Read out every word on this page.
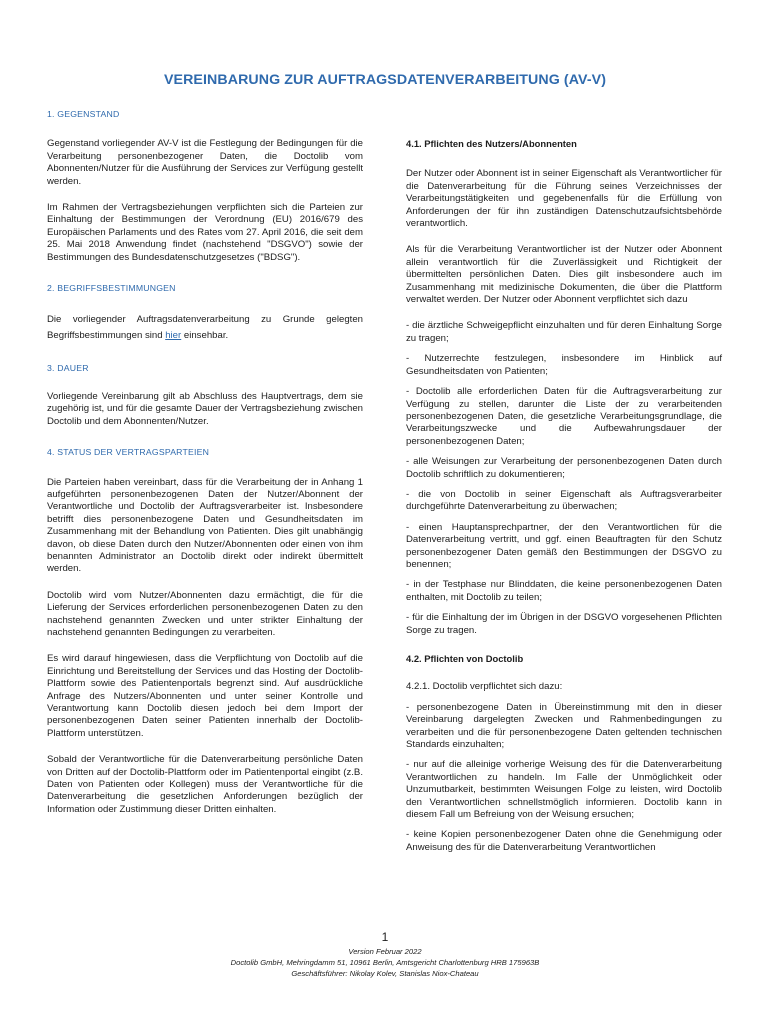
VEREINBARUNG ZUR AUFTRAGSDATENVERARBEITUNG (AV-V)

1. GEGENSTAND

Gegenstand vorliegender AV-V ist die Festlegung der Bedingungen für die Verarbeitung personenbezogener Daten, die Doctolib vom Abonnenten/Nutzer für die Ausführung der Services zur Verfügung gestellt werden.

Im Rahmen der Vertragsbeziehungen verpflichten sich die Parteien zur Einhaltung der Bestimmungen der Verordnung (EU) 2016/679 des Europäischen Parlaments und des Rates vom 27. April 2016, die seit dem 25. Mai 2018 Anwendung findet (nachstehend "DSGVO") sowie der Bestimmungen des Bundesdatenschutzgesetzes ("BDSG").

2. BEGRIFFSBESTIMMUNGEN

Die vorliegender Auftragsdatenverarbeitung zu Grunde gelegten Begriffsbestimmungen sind hier einsehbar.

3. DAUER

Vorliegende Vereinbarung gilt ab Abschluss des Hauptvertrags, dem sie zugehörig ist, und für die gesamte Dauer der Vertragsbeziehung zwischen Doctolib und dem Abonnenten/Nutzer.

4. STATUS DER VERTRAGSPARTEIEN

Die Parteien haben vereinbart, dass für die Verarbeitung der in Anhang 1 aufgeführten personenbezogenen Daten der Nutzer/Abonnent der Verantwortliche und Doctolib der Auftragsverarbeiter ist. Insbesondere betrifft dies personenbezogene Daten und Gesundheitsdaten im Zusammenhang mit der Behandlung von Patienten. Dies gilt unabhängig davon, ob diese Daten durch den Nutzer/Abonnenten oder einen von ihm benannten Administrator an Doctolib direkt oder indirekt übermittelt werden.

Doctolib wird vom Nutzer/Abonnenten dazu ermächtigt, die für die Lieferung der Services erforderlichen personenbezogenen Daten zu den nachstehend genannten Zwecken und unter strikter Einhaltung der nachstehend genannten Bedingungen zu verarbeiten.

Es wird darauf hingewiesen, dass die Verpflichtung von Doctolib auf die Einrichtung und Bereitstellung der Services und das Hosting der Doctolib-Plattform sowie des Patientenportals begrenzt sind. Auf ausdrückliche Anfrage des Nutzers/Abonnenten und unter seiner Kontrolle und Verantwortung kann Doctolib diesen jedoch bei dem Import der personenbezogenen Daten seiner Patienten innerhalb der Doctolib-Plattform unterstützen.

Sobald der Verantwortliche für die Datenverarbeitung persönliche Daten von Dritten auf der Doctolib-Plattform oder im Patientenportal eingibt (z.B. Daten von Patienten oder Kollegen) muss der Verantwortliche für die Datenverarbeitung die gesetzlichen Anforderungen bezüglich der Information oder Zustimmung dieser Dritten einhalten.

4.1. Pflichten des Nutzers/Abonnenten

Der Nutzer oder Abonnent ist in seiner Eigenschaft als Verantwortlicher für die Datenverarbeitung für die Führung seines Verzeichnisses der Verarbeitungstätigkeiten und gegebenenfalls für die Erfüllung von Anforderungen der für ihn zuständigen Datenschutzaufsichtsbehörde verantwortlich.

Als für die Verarbeitung Verantwortlicher ist der Nutzer oder Abonnent allein verantwortlich für die Zuverlässigkeit und Richtigkeit der übermittelten persönlichen Daten. Dies gilt insbesondere auch im Zusammenhang mit medizinische Dokumenten, die über die Plattform verwaltet werden. Der Nutzer oder Abonnent verpflichtet sich dazu

- die ärztliche Schweigepflicht einzuhalten und für deren Einhaltung Sorge zu tragen;

- Nutzerrechte festzulegen, insbesondere im Hinblick auf Gesundheitsdaten von Patienten;

- Doctolib alle erforderlichen Daten für die Auftragsverarbeitung zur Verfügung zu stellen, darunter die Liste der zu verarbeitenden personenbezogenen Daten, die gesetzliche Verarbeitungsgrundlage, die Verarbeitungszwecke und die Aufbewahrungsdauer der personenbezogenen Daten;

- alle Weisungen zur Verarbeitung der personenbezogenen Daten durch Doctolib schriftlich zu dokumentieren;

- die von Doctolib in seiner Eigenschaft als Auftragsverarbeiter durchgeführte Datenverarbeitung zu überwachen;

- einen Hauptansprechpartner, der den Verantwortlichen für die Datenverarbeitung vertritt, und ggf. einen Beauftragten für den Schutz personenbezogener Daten gemäß den Bestimmungen der DSGVO zu benennen;

- in der Testphase nur Blinddaten, die keine personenbezogenen Daten enthalten, mit Doctolib zu teilen;

- für die Einhaltung der im Übrigen in der DSGVO vorgesehenen Pflichten Sorge zu tragen.

4.2. Pflichten von Doctolib

4.2.1. Doctolib verpflichtet sich dazu:

- personenbezogene Daten in Übereinstimmung mit den in dieser Vereinbarung dargelegten Zwecken und Rahmenbedingungen zu verarbeiten und die für personenbezogene Daten geltenden technischen Standards einzuhalten;

- nur auf die alleinige vorherige Weisung des für die Datenverarbeitung Verantwortlichen zu handeln. Im Falle der Unmöglichkeit oder Unzumutbarkeit, bestimmten Weisungen Folge zu leisten, wird Doctolib den Verantwortlichen schnellstmöglich informieren. Doctolib kann in diesem Fall um Befreiung von der Weisung ersuchen;

- keine Kopien personenbezogener Daten ohne die Genehmigung oder Anweisung des für die Datenverarbeitung Verantwortlichen

1
Version Februar 2022
Doctolib GmbH, Mehringdamm 51, 10961 Berlin, Amtsgericht Charlottenburg HRB 175963B
Geschäftsführer: Nikolay Kolev, Stanislas Niox-Chateau
